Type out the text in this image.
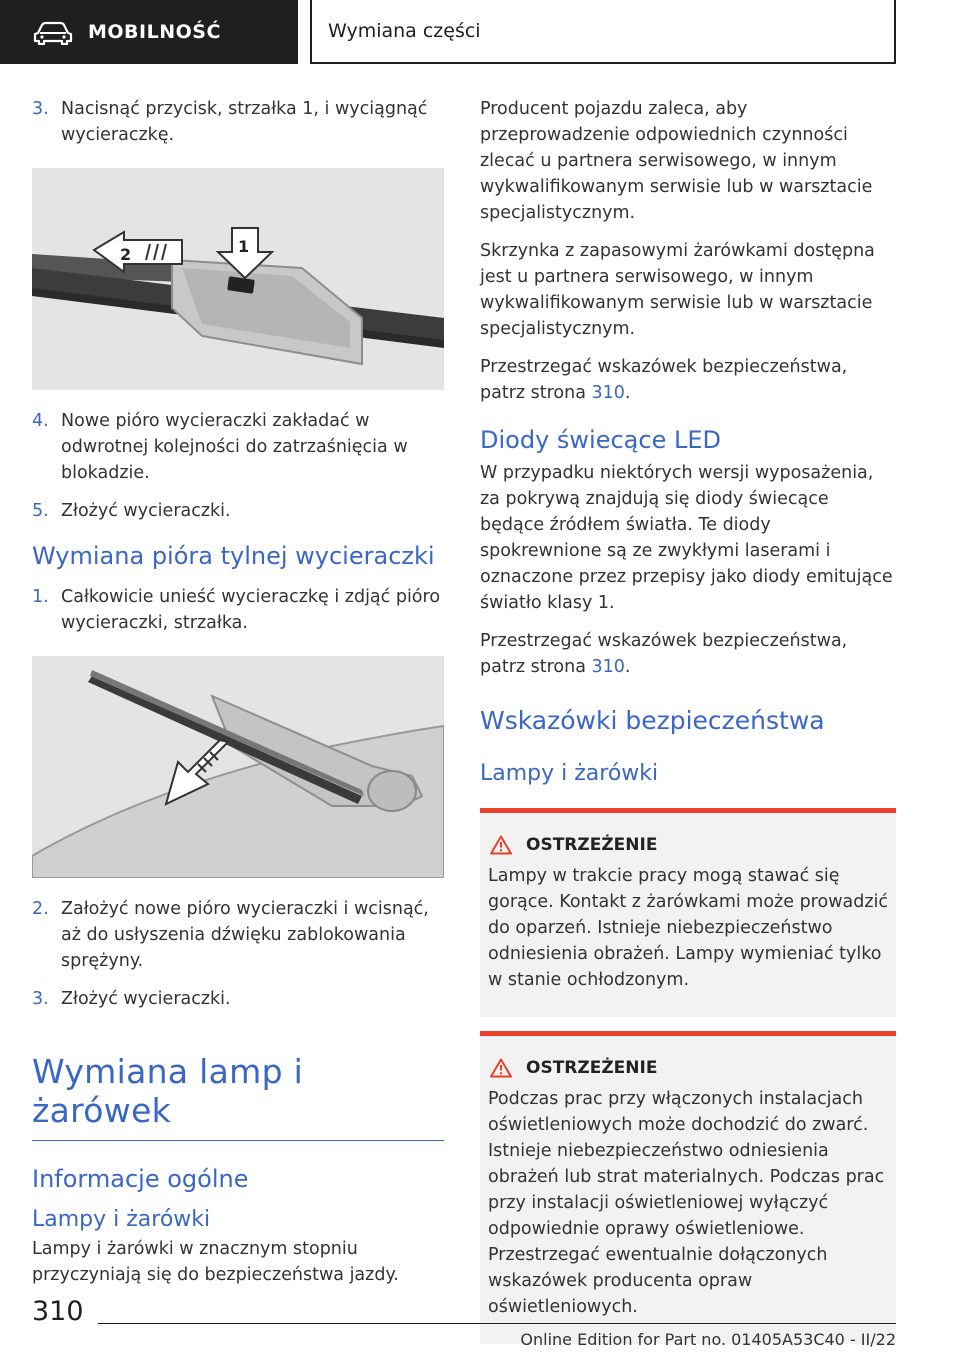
MOBILNOŚĆ	Wymiana części
3. Nacisnąć przycisk, strzałka 1, i wyciągnąć wycieraczkę.
2	1
4. Nowe pióro wycieraczki zakładać w odwrotnej kolejności do zatrzaśnięcia w blokadzie.
5. Złożyć wycieraczki.
Wymiana pióra tylnej wycieraczki
1. Całkowicie unieść wycieraczkę i zdjąć pióro wycieraczki, strzałka.
2. Założyć nowe pióro wycieraczki i wcisnąć, aż do usłyszenia dźwięku zablokowania sprężyny.
3. Złożyć wycieraczki.
Wymiana lamp i żarówek
Informacje ogólne
Lampy i żarówki
Lampy i żarówki w znacznym stopniu przyczyniają się do bezpieczeństwa jazdy.
Producent pojazdu zaleca, aby przeprowadzenie odpowiednich czynności zlecać u partnera serwisowego, w innym wykwalifikowanym serwisie lub w warsztacie specjalistycznym.
Skrzynka z zapasowymi żarówkami dostępna jest u partnera serwisowego, w innym wykwalifikowanym serwisie lub w warsztacie specjalistycznym.
Przestrzegać wskazówek bezpieczeństwa, patrz strona 310.
Diody świecące LED
W przypadku niektórych wersji wyposażenia, za pokrywą znajdują się diody świecące będące źródłem światła. Te diody spokrewnione są ze zwykłymi laserami i oznaczone przez przepisy jako diody emitujące światło klasy 1.
Przestrzegać wskazówek bezpieczeństwa, patrz strona 310.
Wskazówki bezpieczeństwa
Lampy i żarówki
OSTRZEŻENIE
Lampy w trakcie pracy mogą stawać się gorące. Kontakt z żarówkami może prowadzić do oparzeń. Istnieje niebezpieczeństwo odniesienia obrażeń. Lampy wymieniać tylko w stanie ochłodzonym.
OSTRZEŻENIE
Podczas prac przy włączonych instalacjach oświetleniowych może dochodzić do zwarć. Istnieje niebezpieczeństwo odniesienia obrażeń lub strat materialnych. Podczas prac przy instalacji oświetleniowej wyłączyć odpowiednie oprawy oświetleniowe. Przestrzegać ewentualnie dołączonych wskazówek producenta opraw oświetleniowych.
310
Online Edition for Part no. 01405A53C40 - II/22
